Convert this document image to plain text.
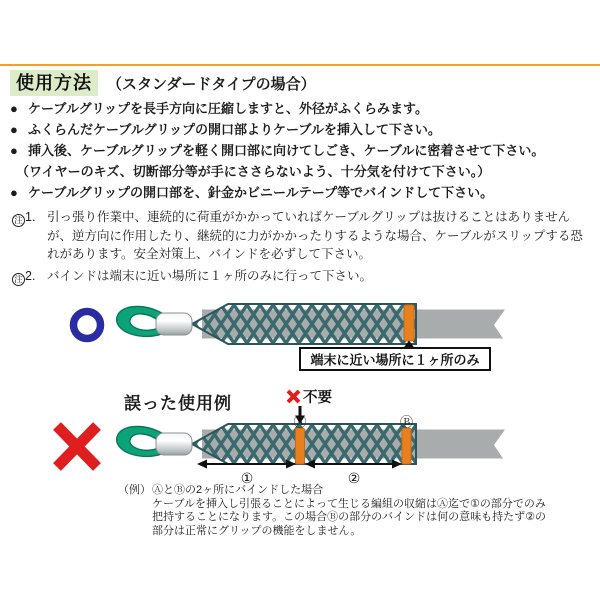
使用方法	（スタンダードタイプの場合）
● ケーブルグリップを長手方向に圧縮しますと、外径がふくらみます。
● ふくらんだケーブルグリップの開口部よりケーブルを挿入して下さい。
● 挿入後、ケーブルグリップを軽く開口部に向けてしごき、ケーブルに密着させて下さい。
（ワイヤーのキズ、切断部分等が手にささらないよう、十分気を付けて下さい。）
● ケーブルグリップの開口部を、針金かビニールテープ等でバインドして下さい。
注 1. 引っ張り作業中、連続的に荷重がかかっていればケーブルグリップは抜けることはありませんが、逆方向に作用したり、継続的に力がかかったりするような場合、ケーブルがスリップする恐れがあります。安全対策上、バインドを必ずして下さい。
注 2. バインドは端末に近い場所に１ヶ所のみに行って下さい。
端末に近い場所に１ヶ所のみ
誤った使用例	不要
Ⓐ	Ⓑ
①	②
（例） ⒶとⒷの2ヶ所にバインドした場合
ケーブルを挿入し引張ることによって生じる編組の収縮はⒶ迄で①の部分でのみ把持することになります。この場合Ⓑの部分のバインドは何の意味も持たず②の部分は正常にグリップの機能をしません。
